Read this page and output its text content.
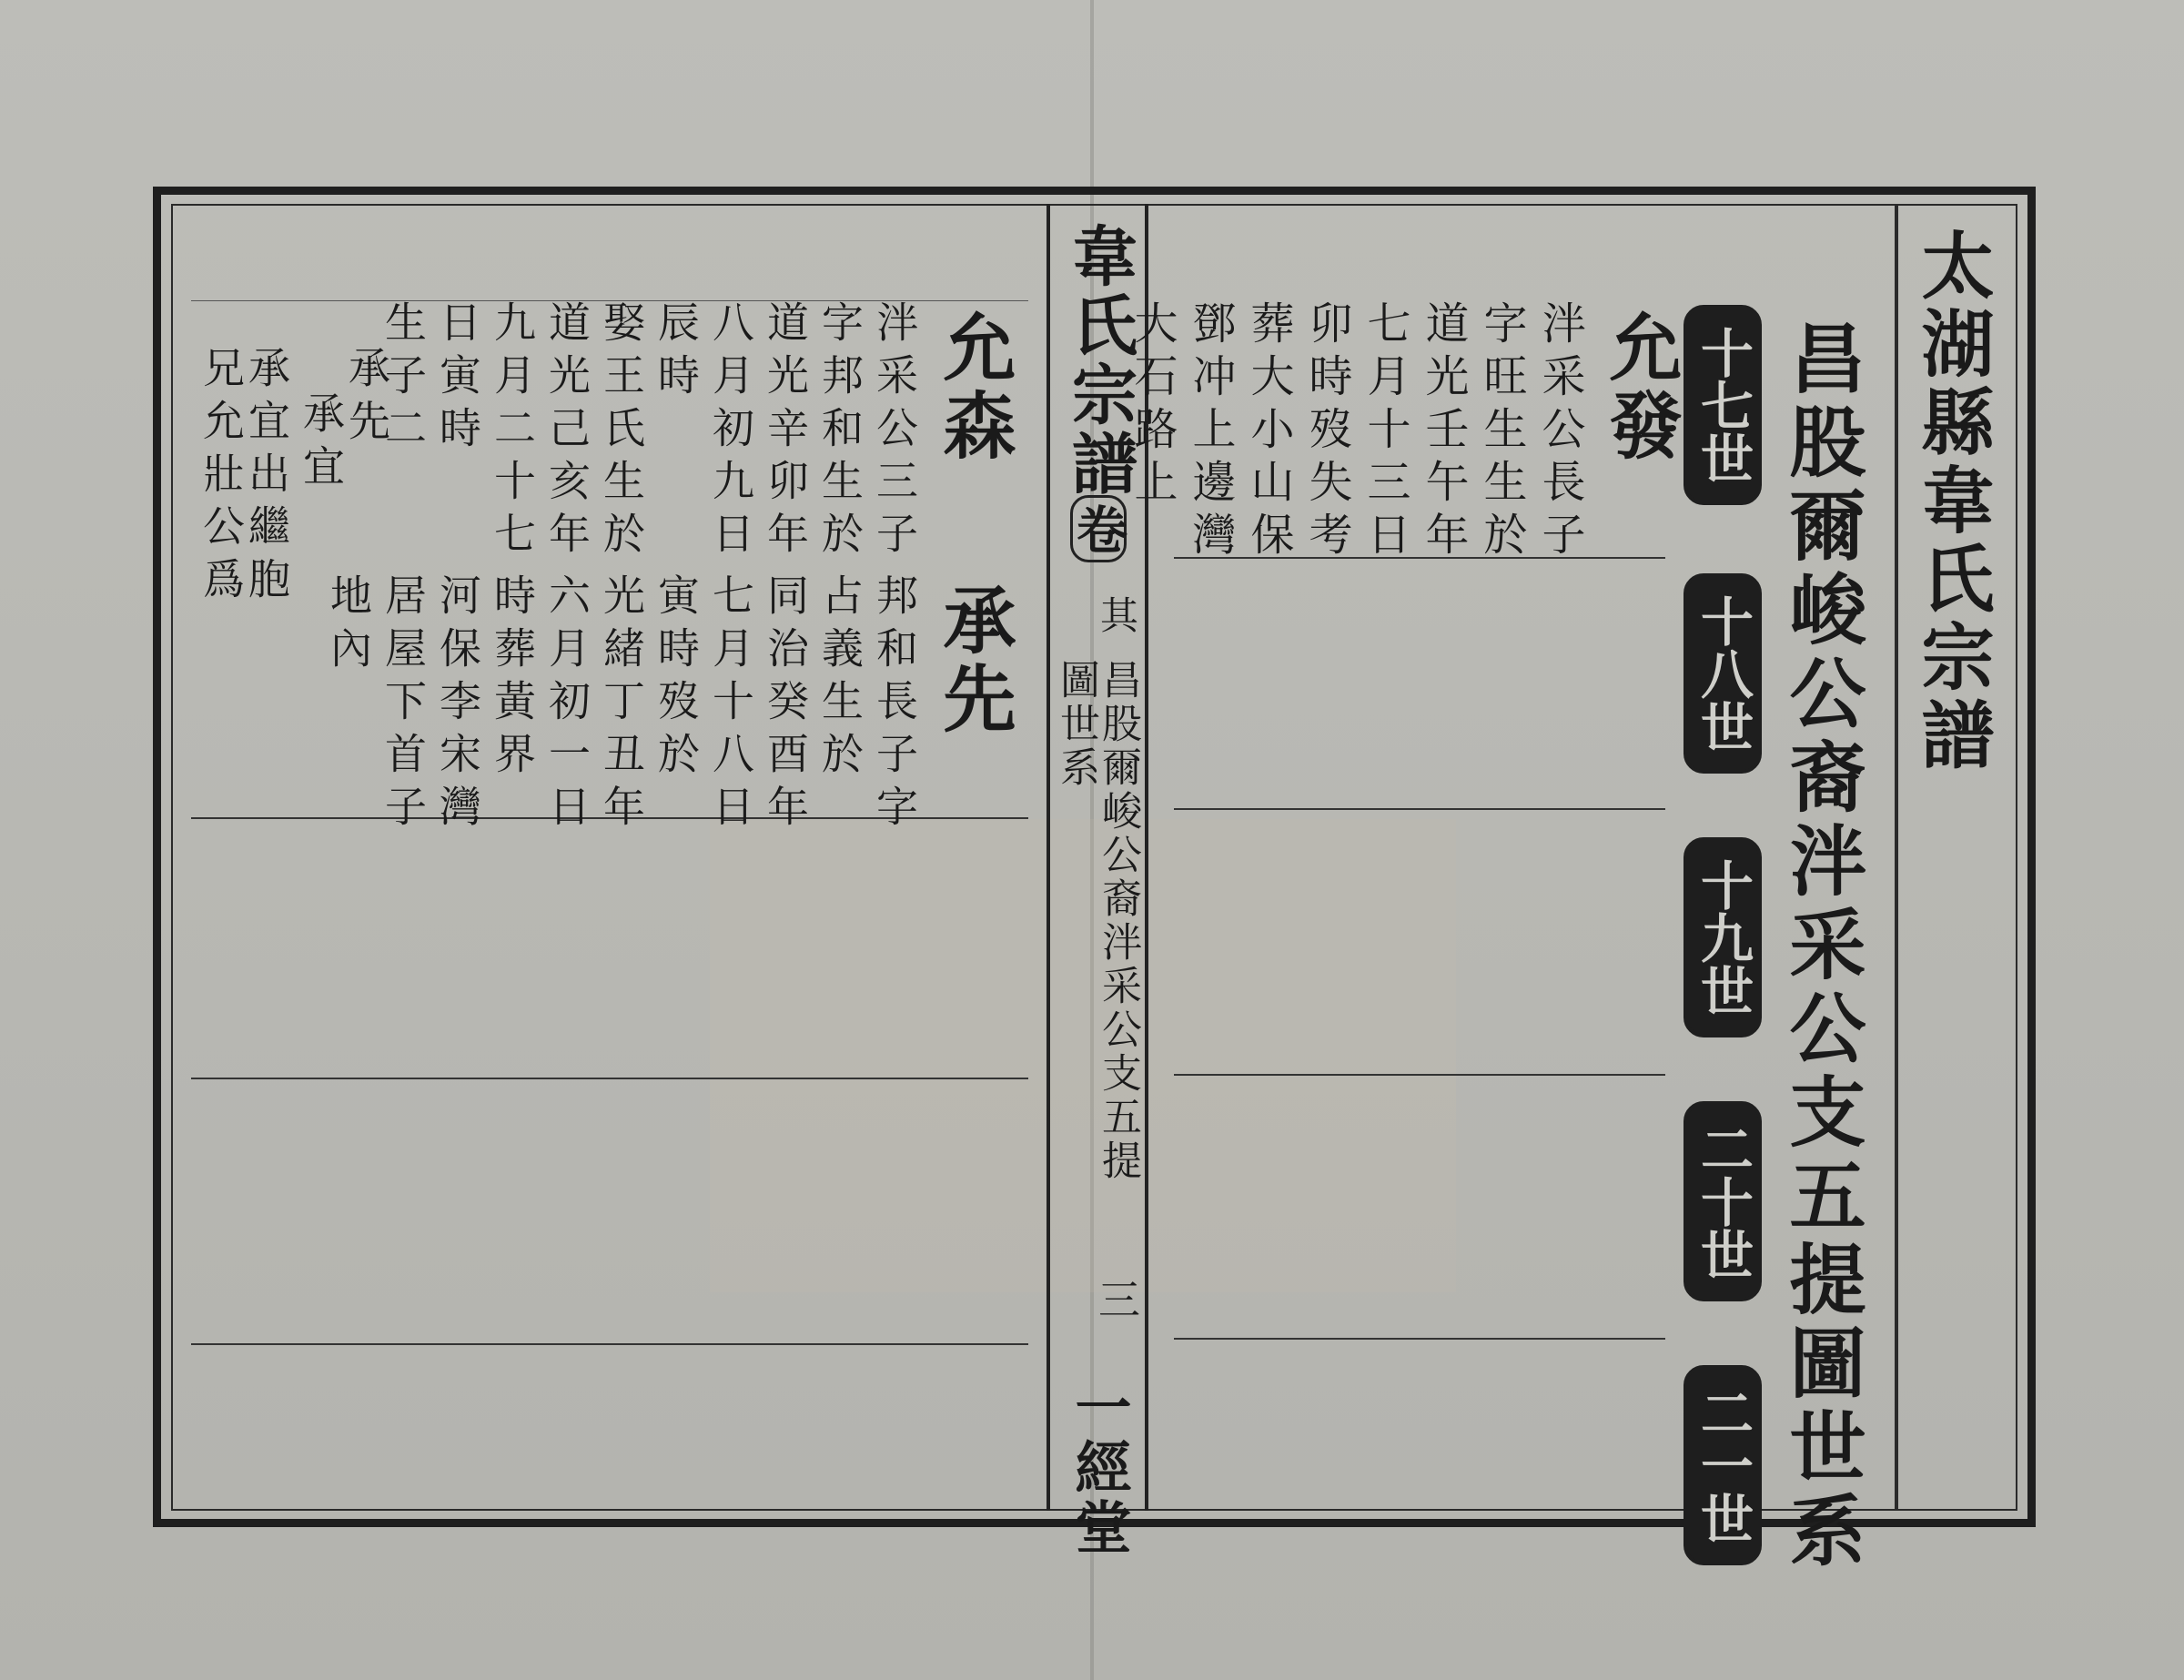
韋氏宗譜
卷
其
昌股爾峻公裔泮采公支五提
圖世系
三
一經堂
太湖縣韋氏宗譜
昌股爾峻公裔泮采公支五提圖世系
十七世
十八世
十九世
二十世
二一世
允發
泮采公長子
字旺生生於
道光壬午年
七月十三日
卯時歿失考
葬大小山保
鄧冲上邊灣
大石路上
允森
承先
泮采公三子
字邦和生於
道光辛卯年
八月初九日
辰時
邦和長子字
占義生於
同治癸酉年
七月十八日
寅時歿於
娶王氏生於
道光己亥年
九月二十七
日寅時
生子二
光緒丁丑年
六月初一日
時葬黃界
河保李宋灣
居屋下首子
承先
地內
承宜
承宜出繼胞
兄允壯公爲
